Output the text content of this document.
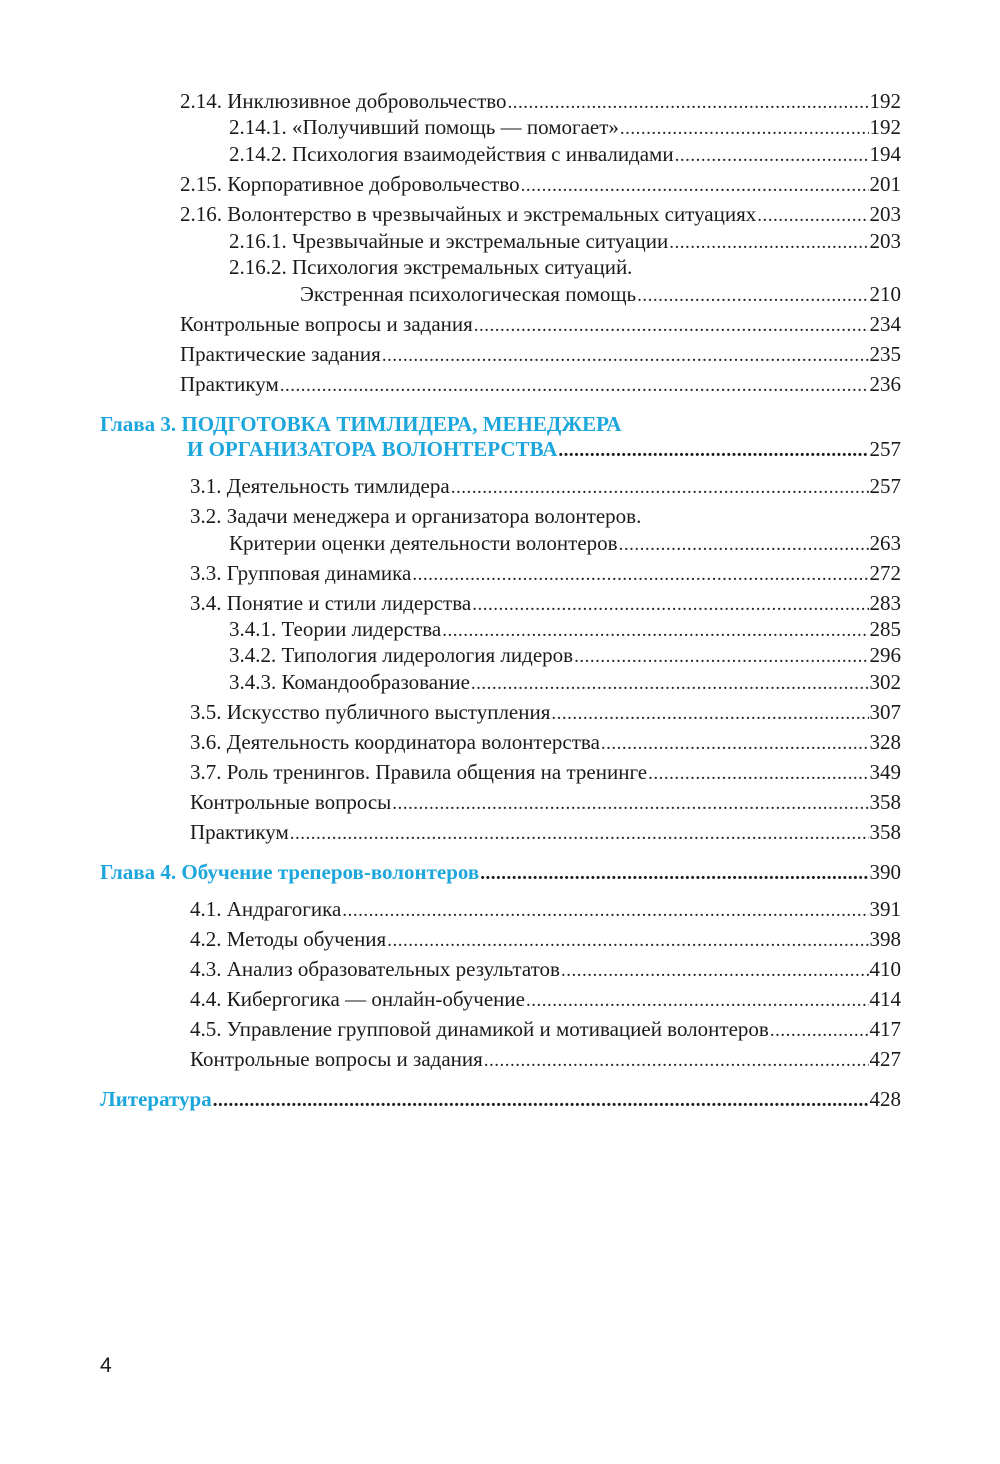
2.14. Инклюзивное добровольчество .....	192
2.14.1. «Получивший помощь — помогает» .....	192
2.14.2. Психология взаимодействия с инвалидами .....	194
2.15. Корпоративное добровольчество .....	201
2.16. Волонтерство в чрезвычайных и экстремальных ситуациях .....	203
2.16.1. Чрезвычайные и экстремальные ситуации .....	203
2.16.2. Психология экстремальных ситуаций.
Экстренная психологическая помощь .....	210
Контрольные вопросы и задания .....	234
Практические задания .....	235
Практикум .....	236
Глава 3. ПОДГОТОВКА ТИМЛИДЕРА, МЕНЕДЖЕРА
И ОРГАНИЗАТОРА ВОЛОНТЕРСТВА .....	257
3.1. Деятельность тимлидера .....	257
3.2. Задачи менеджера и организатора волонтеров.
Критерии оценки деятельности волонтеров .....	263
3.3. Групповая динамика .....	272
3.4. Понятие и стили лидерства .....	283
3.4.1. Теории лидерства .....	285
3.4.2. Типология лидерология лидеров .....	296
3.4.3. Командообразование .....	302
3.5. Искусство публичного выступления .....	307
3.6. Деятельность координатора волонтерства .....	328
3.7. Роль тренингов. Правила общения на тренинге .....	349
Контрольные вопросы .....	358
Практикум .....	358
Глава 4. Обучение треперов-волонтеров .....	390
4.1. Андрагогика .....	391
4.2. Методы обучения .....	398
4.3. Анализ образовательных результатов .....	410
4.4. Кибергогика — онлайн-обучение .....	414
4.5. Управление групповой динамикой и мотивацией волонтеров .....	417
Контрольные вопросы и задания .....	427
Литература .....	428
4
